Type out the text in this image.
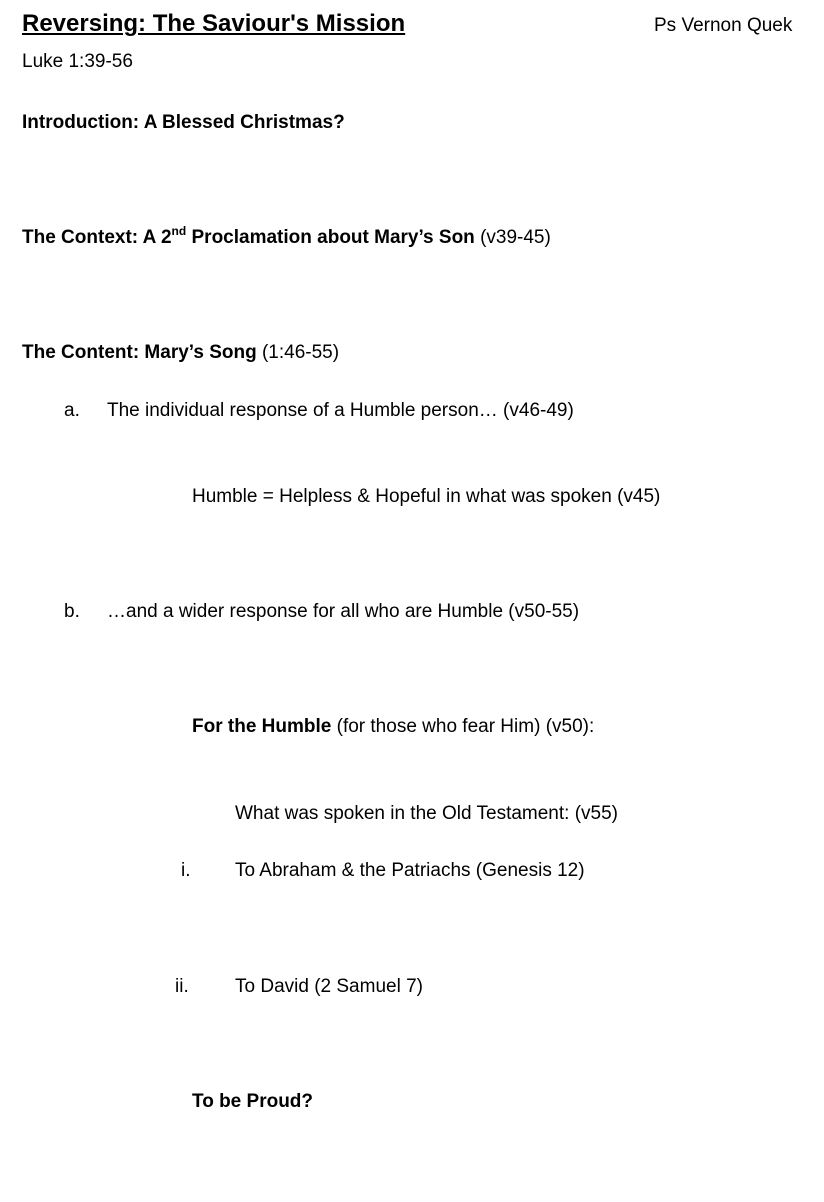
Reversing: The Saviour's Mission	Ps Vernon Quek
Luke 1:39-56
Introduction: A Blessed Christmas?
The Context: A 2nd Proclamation about Mary’s Son (v39-45)
The Content: Mary’s Song (1:46-55)
a. The individual response of a Humble person… (v46-49)
Humble = Helpless & Hopeful in what was spoken (v45)
b. …and a wider response for all who are Humble (v50-55)
For the Humble (for those who fear Him) (v50):
What was spoken in the Old Testament: (v55)
i. To Abraham & the Patriachs (Genesis 12)
ii. To David (2 Samuel 7)
To be Proud?
